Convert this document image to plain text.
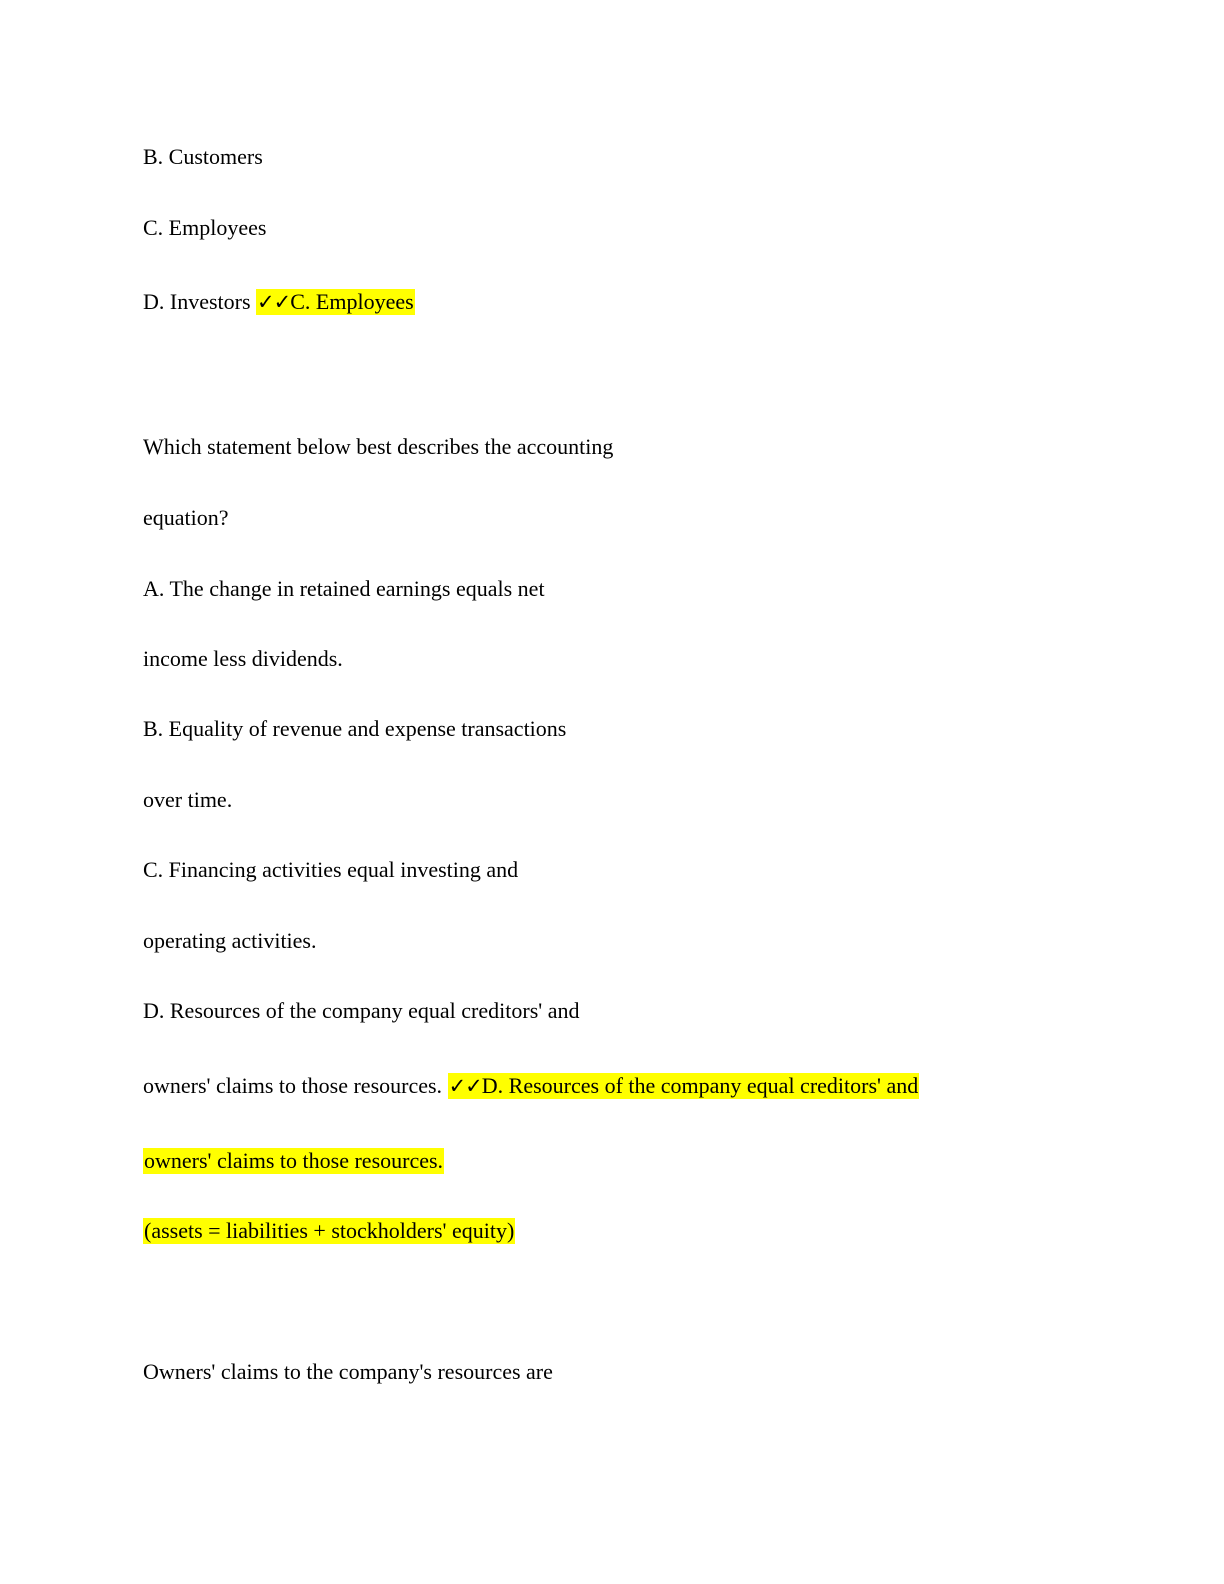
B. Customers
C. Employees
D. Investors ✓✓C. Employees
Which statement below best describes the accounting
equation?
A. The change in retained earnings equals net
income less dividends.
B. Equality of revenue and expense transactions
over time.
C. Financing activities equal investing and
operating activities.
D. Resources of the company equal creditors' and
owners' claims to those resources. ✓✓D. Resources of the company equal creditors' and
owners' claims to those resources.
(assets = liabilities + stockholders' equity)
Owners' claims to the company's resources are
